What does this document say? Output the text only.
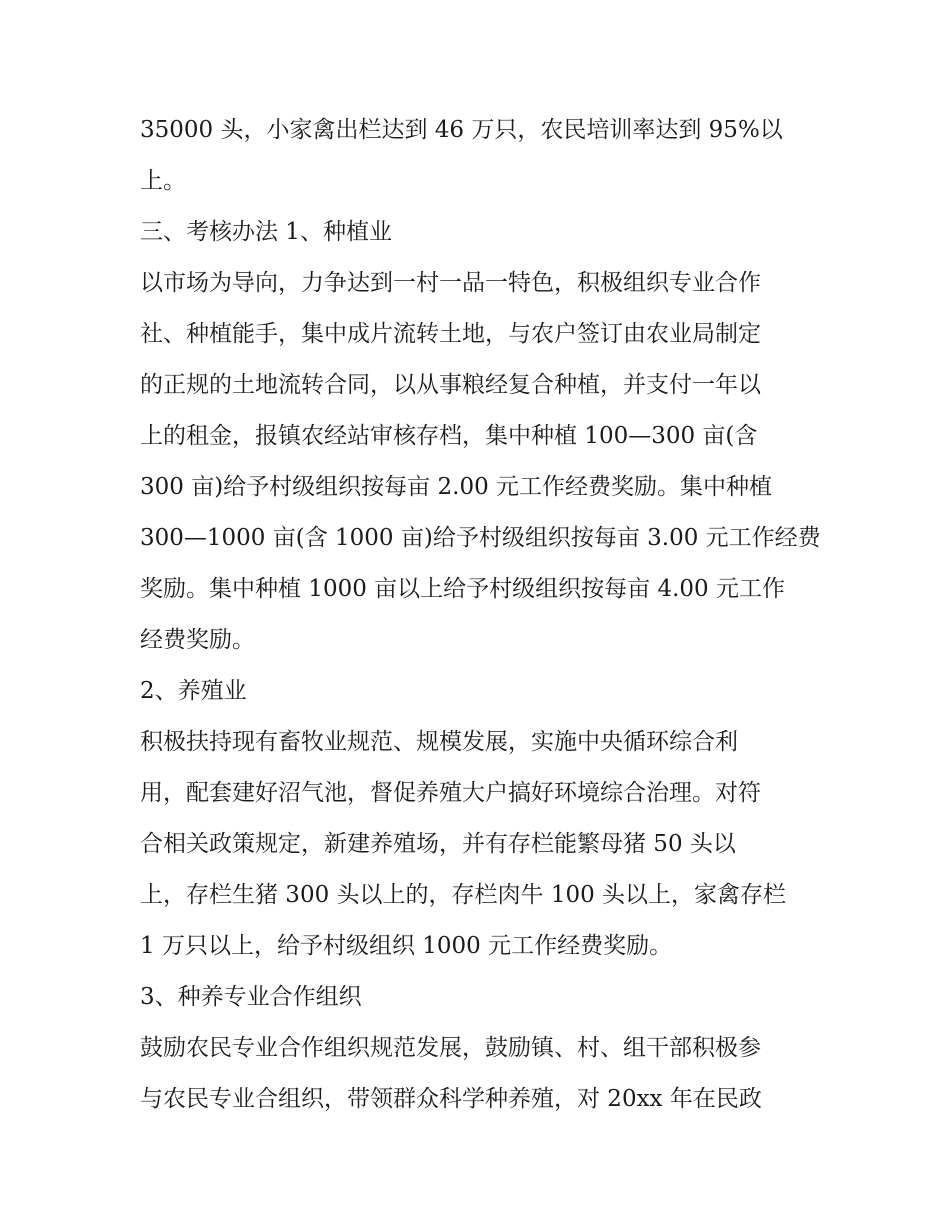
35000 头，小家禽出栏达到 46 万只，农民培训率达到 95%以
上。
三、考核办法 1、种植业
以市场为导向，力争达到一村一品一特色，积极组织专业合作
社、种植能手，集中成片流转土地，与农户签订由农业局制定
的正规的土地流转合同，以从事粮经复合种植，并支付一年以
上的租金，报镇农经站审核存档，集中种植 100—300 亩(含
300 亩)给予村级组织按每亩 2.00 元工作经费奖励。集中种植
300—1000 亩(含 1000 亩)给予村级组织按每亩 3.00 元工作经费
奖励。集中种植 1000 亩以上给予村级组织按每亩 4.00 元工作
经费奖励。
2、养殖业
积极扶持现有畜牧业规范、规模发展，实施中央循环综合利
用，配套建好沼气池，督促养殖大户搞好环境综合治理。对符
合相关政策规定，新建养殖场，并有存栏能繁母猪 50 头以
上，存栏生猪 300 头以上的，存栏肉牛 100 头以上，家禽存栏
1 万只以上，给予村级组织 1000 元工作经费奖励。
3、种养专业合作组织
鼓励农民专业合作组织规范发展，鼓励镇、村、组干部积极参
与农民专业合组织，带领群众科学种养殖，对 20xx 年在民政
